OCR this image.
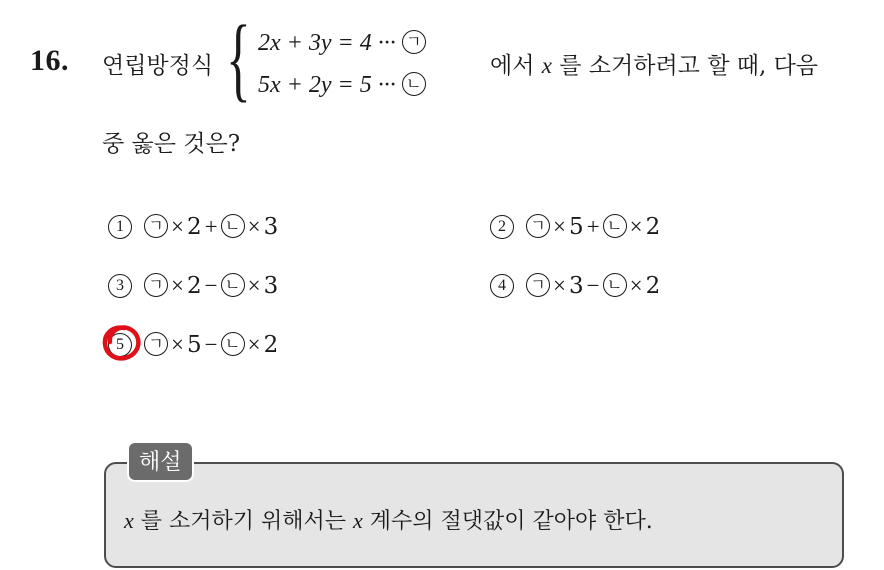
16. 연립방정식 { 2x + 3y = 4 ··· ㄱ
5x + 2y = 5 ··· ㄴ
에서 x 를 소거하려고 할 때, 다음
중 옳은 것은?
1 ㄱ × 2 + ㄴ × 3	2 ㄱ × 5 + ㄴ × 2
3 ㄱ × 2 − ㄴ × 3	4 ㄱ × 3 − ㄴ × 2
5 ㄱ × 5 − ㄴ × 2
해설
x 를 소거하기 위해서는 x 계수의 절댓값이 같아야 한다.
